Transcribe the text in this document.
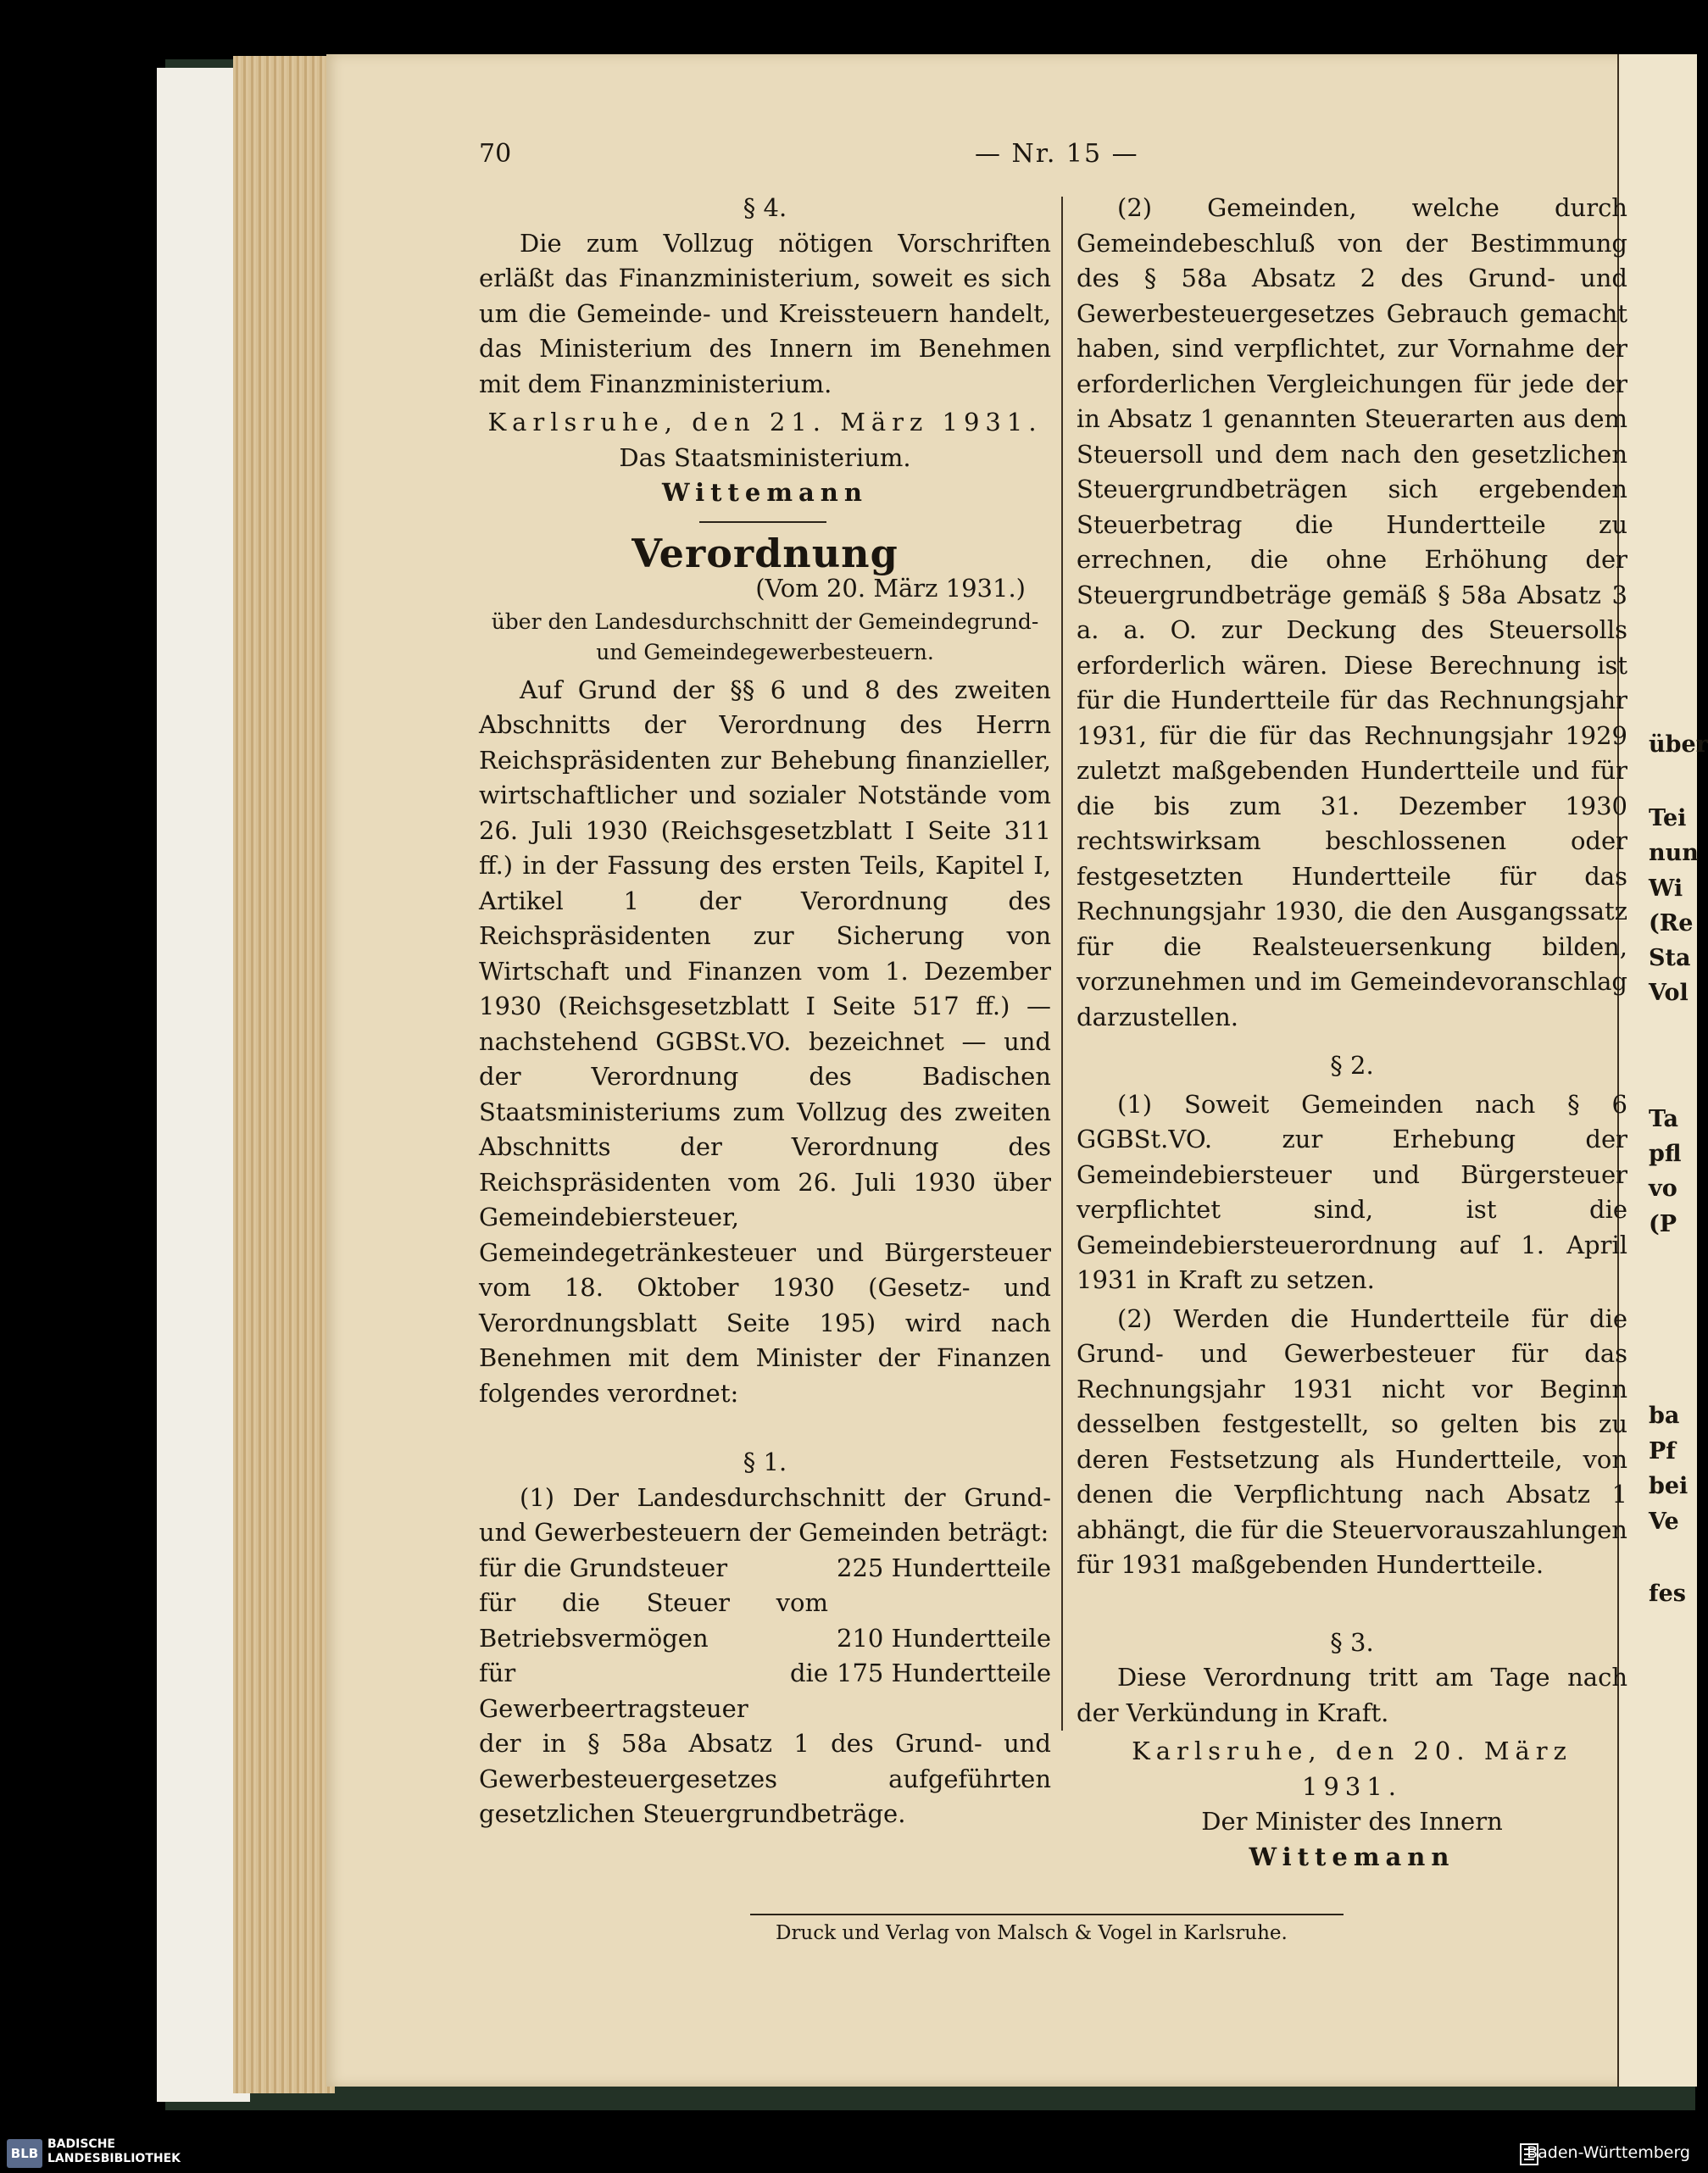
70	— Nr. 15 —

§ 4.

Die zum Vollzug nötigen Vorschriften erläßt das Finanzministerium, soweit es sich um die Gemeinde- und Kreissteuern handelt, das Ministerium des Innern im Benehmen mit dem Finanzministerium.

Karlsruhe, den 21. März 1931.

Das Staatsministerium.

Wittemann

Verordnung

(Vom 20. März 1931.)

über den Landesdurchschnitt der Gemeindegrund- und Gemeindegewerbesteuern.

Auf Grund der §§ 6 und 8 des zweiten Abschnitts der Verordnung des Herrn Reichspräsidenten zur Behebung finanzieller, wirtschaftlicher und sozialer Notstände vom 26. Juli 1930 (Reichsgesetzblatt I Seite 311 ff.) in der Fassung des ersten Teils, Kapitel I, Artikel 1 der Verordnung des Reichspräsidenten zur Sicherung von Wirtschaft und Finanzen vom 1. Dezember 1930 (Reichsgesetzblatt I Seite 517 ff.) — nachstehend GGBSt.VO. bezeichnet — und der Verordnung des Badischen Staatsministeriums zum Vollzug des zweiten Abschnitts der Verordnung des Reichspräsidenten vom 26. Juli 1930 über Gemeindebiersteuer, Gemeindegetränkesteuer und Bürgersteuer vom 18. Oktober 1930 (Gesetz- und Verordnungsblatt Seite 195) wird nach Benehmen mit dem Minister der Finanzen folgendes verordnet:

§ 1.

(1) Der Landesdurchschnitt der Grund- und Gewerbesteuern der Gemeinden beträgt:

für die Grundsteuer	225 Hundertteile
für die Steuer vom Betriebsvermögen	210 Hundertteile
für die Gewerbeertragsteuer	175 Hundertteile

der in § 58a Absatz 1 des Grund- und Gewerbesteuergesetzes aufgeführten gesetzlichen Steuergrundbeträge.

(2) Gemeinden, welche durch Gemeindebeschluß von der Bestimmung des § 58a Absatz 2 des Grund- und Gewerbesteuergesetzes Gebrauch gemacht haben, sind verpflichtet, zur Vornahme der erforderlichen Vergleichungen für jede der in Absatz 1 genannten Steuerarten aus dem Steuersoll und dem nach den gesetzlichen Steuergrundbeträgen sich ergebenden Steuerbetrag die Hundertteile zu errechnen, die ohne Erhöhung der Steuergrundbeträge gemäß § 58a Absatz 3 a. a. O. zur Deckung des Steuersolls erforderlich wären. Diese Berechnung ist für die Hundertteile für das Rechnungsjahr 1931, für die für das Rechnungsjahr 1929 zuletzt maßgebenden Hundertteile und für die bis zum 31. Dezember 1930 rechtswirksam beschlossenen oder festgesetzten Hundertteile für das Rechnungsjahr 1930, die den Ausgangssatz für die Realsteuersenkung bilden, vorzunehmen und im Gemeindevoranschlag darzustellen.

§ 2.

(1) Soweit Gemeinden nach § 6 GGBSt.VO. zur Erhebung der Gemeindebiersteuer und Bürgersteuer verpflichtet sind, ist die Gemeindebiersteuerordnung auf 1. April 1931 in Kraft zu setzen.

(2) Werden die Hundertteile für die Grund- und Gewerbesteuer für das Rechnungsjahr 1931 nicht vor Beginn desselben festgestellt, so gelten bis zu deren Festsetzung als Hundertteile, von denen die Verpflichtung nach Absatz 1 abhängt, die für die Steuervorauszahlungen für 1931 maßgebenden Hundertteile.

§ 3.

Diese Verordnung tritt am Tage nach der Verkündung in Kraft.

Karlsruhe, den 20. März 1931.

Der Minister des Innern

Wittemann

Druck und Verlag von Malsch & Vogel in Karlsruhe.
über
Tei
nun
Wi
(Re
Sta
Vol
Ta
pfl
vo
(P
ba
Pf
bei
Ve
fes
BLB
BADISCHE
LANDESBIBLIOTHEK	Baden-Württemberg
